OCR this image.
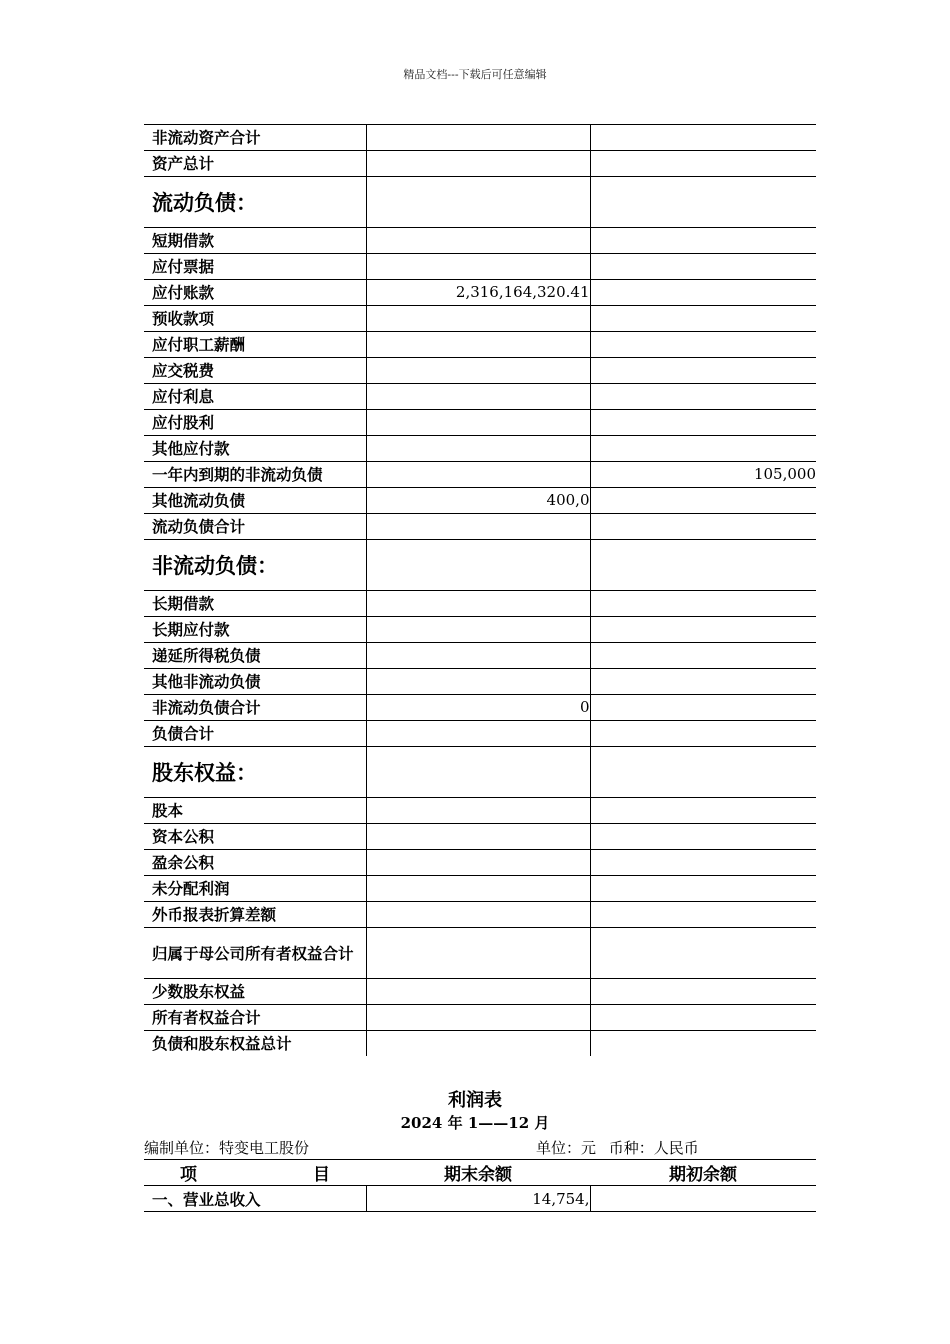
精品文档---下载后可任意编辑
非流动资产合计		
资产总计		
流动负债：		
短期借款		
应付票据		
应付账款	2,316,164,320.41	
预收款项		
应付职工薪酬		
应交税费		
应付利息		
应付股利		
其他应付款		
一年内到期的非流动负债		105,000
其他流动负债	400,0	
流动负债合计		
非流动负债：		
长期借款		
长期应付款		
递延所得税负债		
其他非流动负债		
非流动负债合计	0	
负债合计		
股东权益：		
股本		
资本公积		
盈余公积		
未分配利润		
外币报表折算差额		
归属于母公司所有者权益合计		
少数股东权益		
所有者权益合计		
负债和股东权益总计		
利润表
2024 年 1——12 月
编制单位：特变电工股份	单位：元 币种：人民币
项　　　　目	期末余额	期初余额
一、营业总收入	14,754,	
